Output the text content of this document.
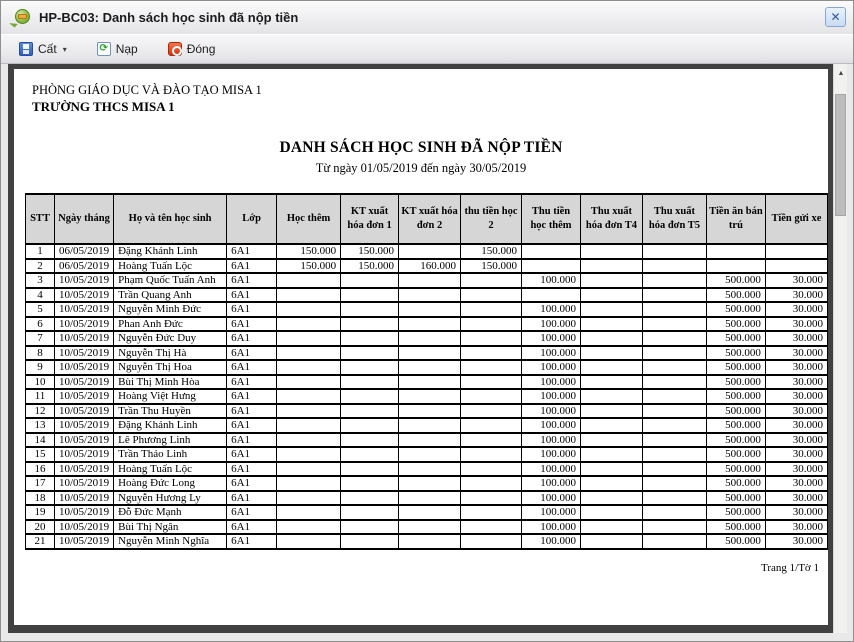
HP-BC03: Danh sách học sinh đã nộp tiền	✕
Cất ▾	⟳ Nạp	Đóng
PHÒNG GIÁO DỤC VÀ ĐÀO TẠO MISA 1
TRƯỜNG THCS MISA 1
DANH SÁCH HỌC SINH ĐÃ NỘP TIỀN
Từ ngày 01/05/2019 đến ngày 30/05/2019
STT	Ngày tháng	Họ và tên học sinh	Lớp	Học thêm	KT xuất hóa đơn 1	KT xuất hóa đơn 2	thu tiền học 2	Thu tiền học thêm	Thu xuất hóa đơn T4	Thu xuất hóa đơn T5	Tiền ăn bán trú	Tiền gửi xe
1	06/05/2019	Đặng Khánh Linh	6A1	150.000	150.000		150.000					
2	06/05/2019	Hoàng Tuấn Lộc	6A1	150.000	150.000	160.000	150.000					
3	10/05/2019	Phạm Quốc Tuấn Anh	6A1					100.000			500.000	30.000
4	10/05/2019	Trần Quang Anh	6A1								500.000	30.000
5	10/05/2019	Nguyễn Minh Đức	6A1					100.000			500.000	30.000
6	10/05/2019	Phan Anh Đức	6A1					100.000			500.000	30.000
7	10/05/2019	Nguyễn Đức Duy	6A1					100.000			500.000	30.000
8	10/05/2019	Nguyễn Thị Hà	6A1					100.000			500.000	30.000
9	10/05/2019	Nguyễn Thị Hoa	6A1					100.000			500.000	30.000
10	10/05/2019	Bùi Thị Minh Hòa	6A1					100.000			500.000	30.000
11	10/05/2019	Hoàng Việt Hưng	6A1					100.000			500.000	30.000
12	10/05/2019	Trần Thu Huyền	6A1					100.000			500.000	30.000
13	10/05/2019	Đặng Khánh Linh	6A1					100.000			500.000	30.000
14	10/05/2019	Lê Phương Linh	6A1					100.000			500.000	30.000
15	10/05/2019	Trần Thảo Linh	6A1					100.000			500.000	30.000
16	10/05/2019	Hoàng Tuấn Lộc	6A1					100.000			500.000	30.000
17	10/05/2019	Hoàng Đức Long	6A1					100.000			500.000	30.000
18	10/05/2019	Nguyễn Hương Ly	6A1					100.000			500.000	30.000
19	10/05/2019	Đỗ Đức Mạnh	6A1					100.000			500.000	30.000
20	10/05/2019	Bùi Thị Ngân	6A1					100.000			500.000	30.000
21	10/05/2019	Nguyễn Minh Nghĩa	6A1					100.000			500.000	30.000
Trang 1/Tờ 1
▲
